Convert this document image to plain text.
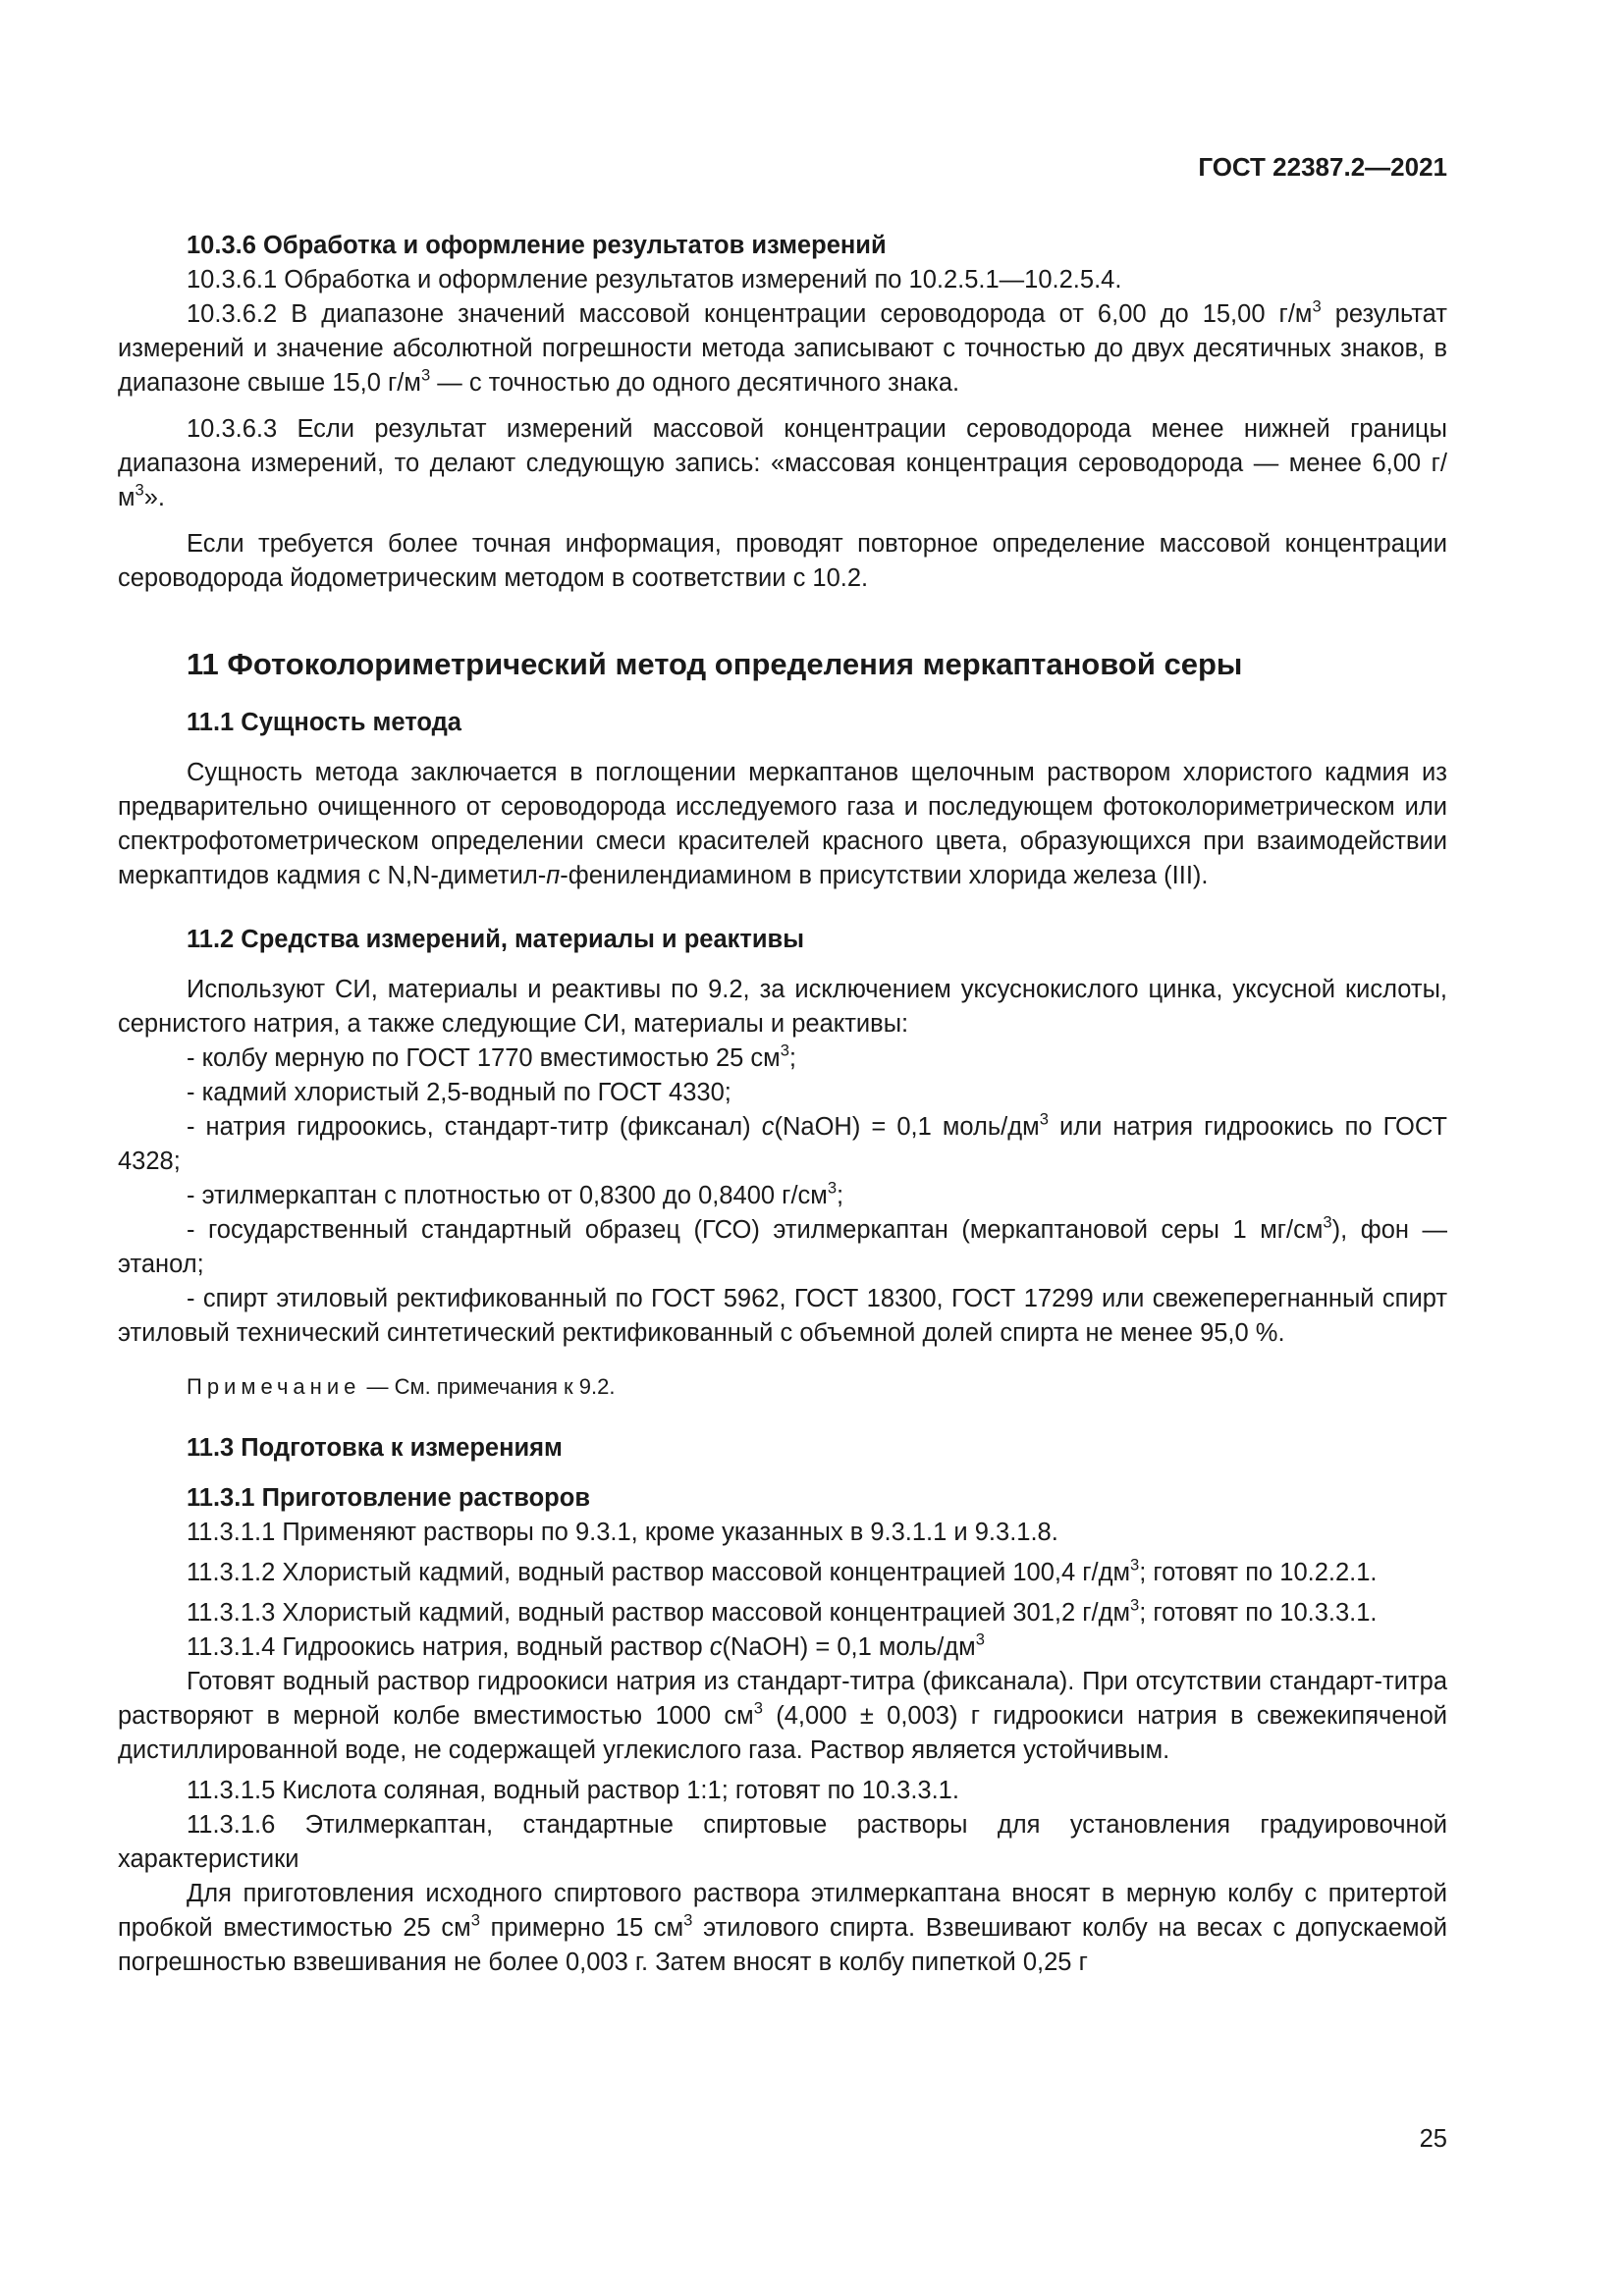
ГОСТ 22387.2—2021

10.3.6 Обработка и оформление результатов измерений

10.3.6.1 Обработка и оформление результатов измерений по 10.2.5.1—10.2.5.4.

10.3.6.2 В диапазоне значений массовой концентрации сероводорода от 6,00 до 15,00 $г/м^3$ результат измерений и значение абсолютной погрешности метода записывают с точностью до двух десятичных знаков, в диапазоне свыше 15,0 $г/м^3$ — с точностью до одного десятичного знака.

10.3.6.3 Если результат измерений массовой концентрации сероводорода менее нижней границы диапазона измерений, то делают следующую запись: «массовая концентрация сероводорода — менее 6,00 $г/м^3$».

Если требуется более точная информация, проводят повторное определение массовой концентрации сероводорода йодометрическим методом в соответствии с 10.2.

11 Фотоколориметрический метод определения меркаптановой серы

11.1 Сущность метода

Сущность метода заключается в поглощении меркаптанов щелочным раствором хлористого кадмия из предварительно очищенного от сероводорода исследуемого газа и последующем фотоколориметрическом или спектрофотометрическом определении смеси красителей красного цвета, образующихся при взаимодействии меркаптидов кадмия с N,N-диметил-п-фенилендиамином в присутствии хлорида железа (III).

11.2 Средства измерений, материалы и реактивы

Используют СИ, материалы и реактивы по 9.2, за исключением уксуснокислого цинка, уксусной кислоты, сернистого натрия, а также следующие СИ, материалы и реактивы:

- колбу мерную по ГОСТ 1770 вместимостью 25 $см^3$;

- кадмий хлористый 2,5-водный по ГОСТ 4330;

- натрия гидроокись, стандарт-титр (фиксанал) c(NaOH) = 0,1 моль/$дм^3$ или натрия гидроокись по ГОСТ 4328;

- этилмеркаптан с плотностью от 0,8300 до 0,8400 $г/см^3$;

- государственный стандартный образец (ГСО) этилмеркаптан (меркаптановой серы 1 $мг/см^3$), фон — этанол;

- спирт этиловый ректификованный по ГОСТ 5962, ГОСТ 18300, ГОСТ 17299 или свежеперегнанный спирт этиловый технический синтетический ректификованный с объемной долей спирта не менее 95,0 %.

Примечание — См. примечания к 9.2.

11.3 Подготовка к измерениям

11.3.1 Приготовление растворов

11.3.1.1 Применяют растворы по 9.3.1, кроме указанных в 9.3.1.1 и 9.3.1.8.

11.3.1.2 Хлористый кадмий, водный раствор массовой концентрацией 100,4 $г/дм^3$; готовят по 10.2.2.1.

11.3.1.3 Хлористый кадмий, водный раствор массовой концентрацией 301,2 $г/дм^3$; готовят по 10.3.3.1.

11.3.1.4 Гидроокись натрия, водный раствор c(NaOH) = 0,1 моль/$дм^3$

Готовят водный раствор гидроокиси натрия из стандарт-титра (фиксанала). При отсутствии стандарт-титра растворяют в мерной колбе вместимостью 1000 $см^3$ (4,000 ± 0,003) г гидроокиси натрия в свежекипяченой дистиллированной воде, не содержащей углекислого газа. Раствор является устойчивым.

11.3.1.5 Кислота соляная, водный раствор 1:1; готовят по 10.3.3.1.

11.3.1.6 Этилмеркаптан, стандартные спиртовые растворы для установления градуировочной характеристики

Для приготовления исходного спиртового раствора этилмеркаптана вносят в мерную колбу с притертой пробкой вместимостью 25 $см^3$ примерно 15 $см^3$ этилового спирта. Взвешивают колбу на весах с допускаемой погрешностью взвешивания не более 0,003 г. Затем вносят в колбу пипеткой 0,25 г

25
